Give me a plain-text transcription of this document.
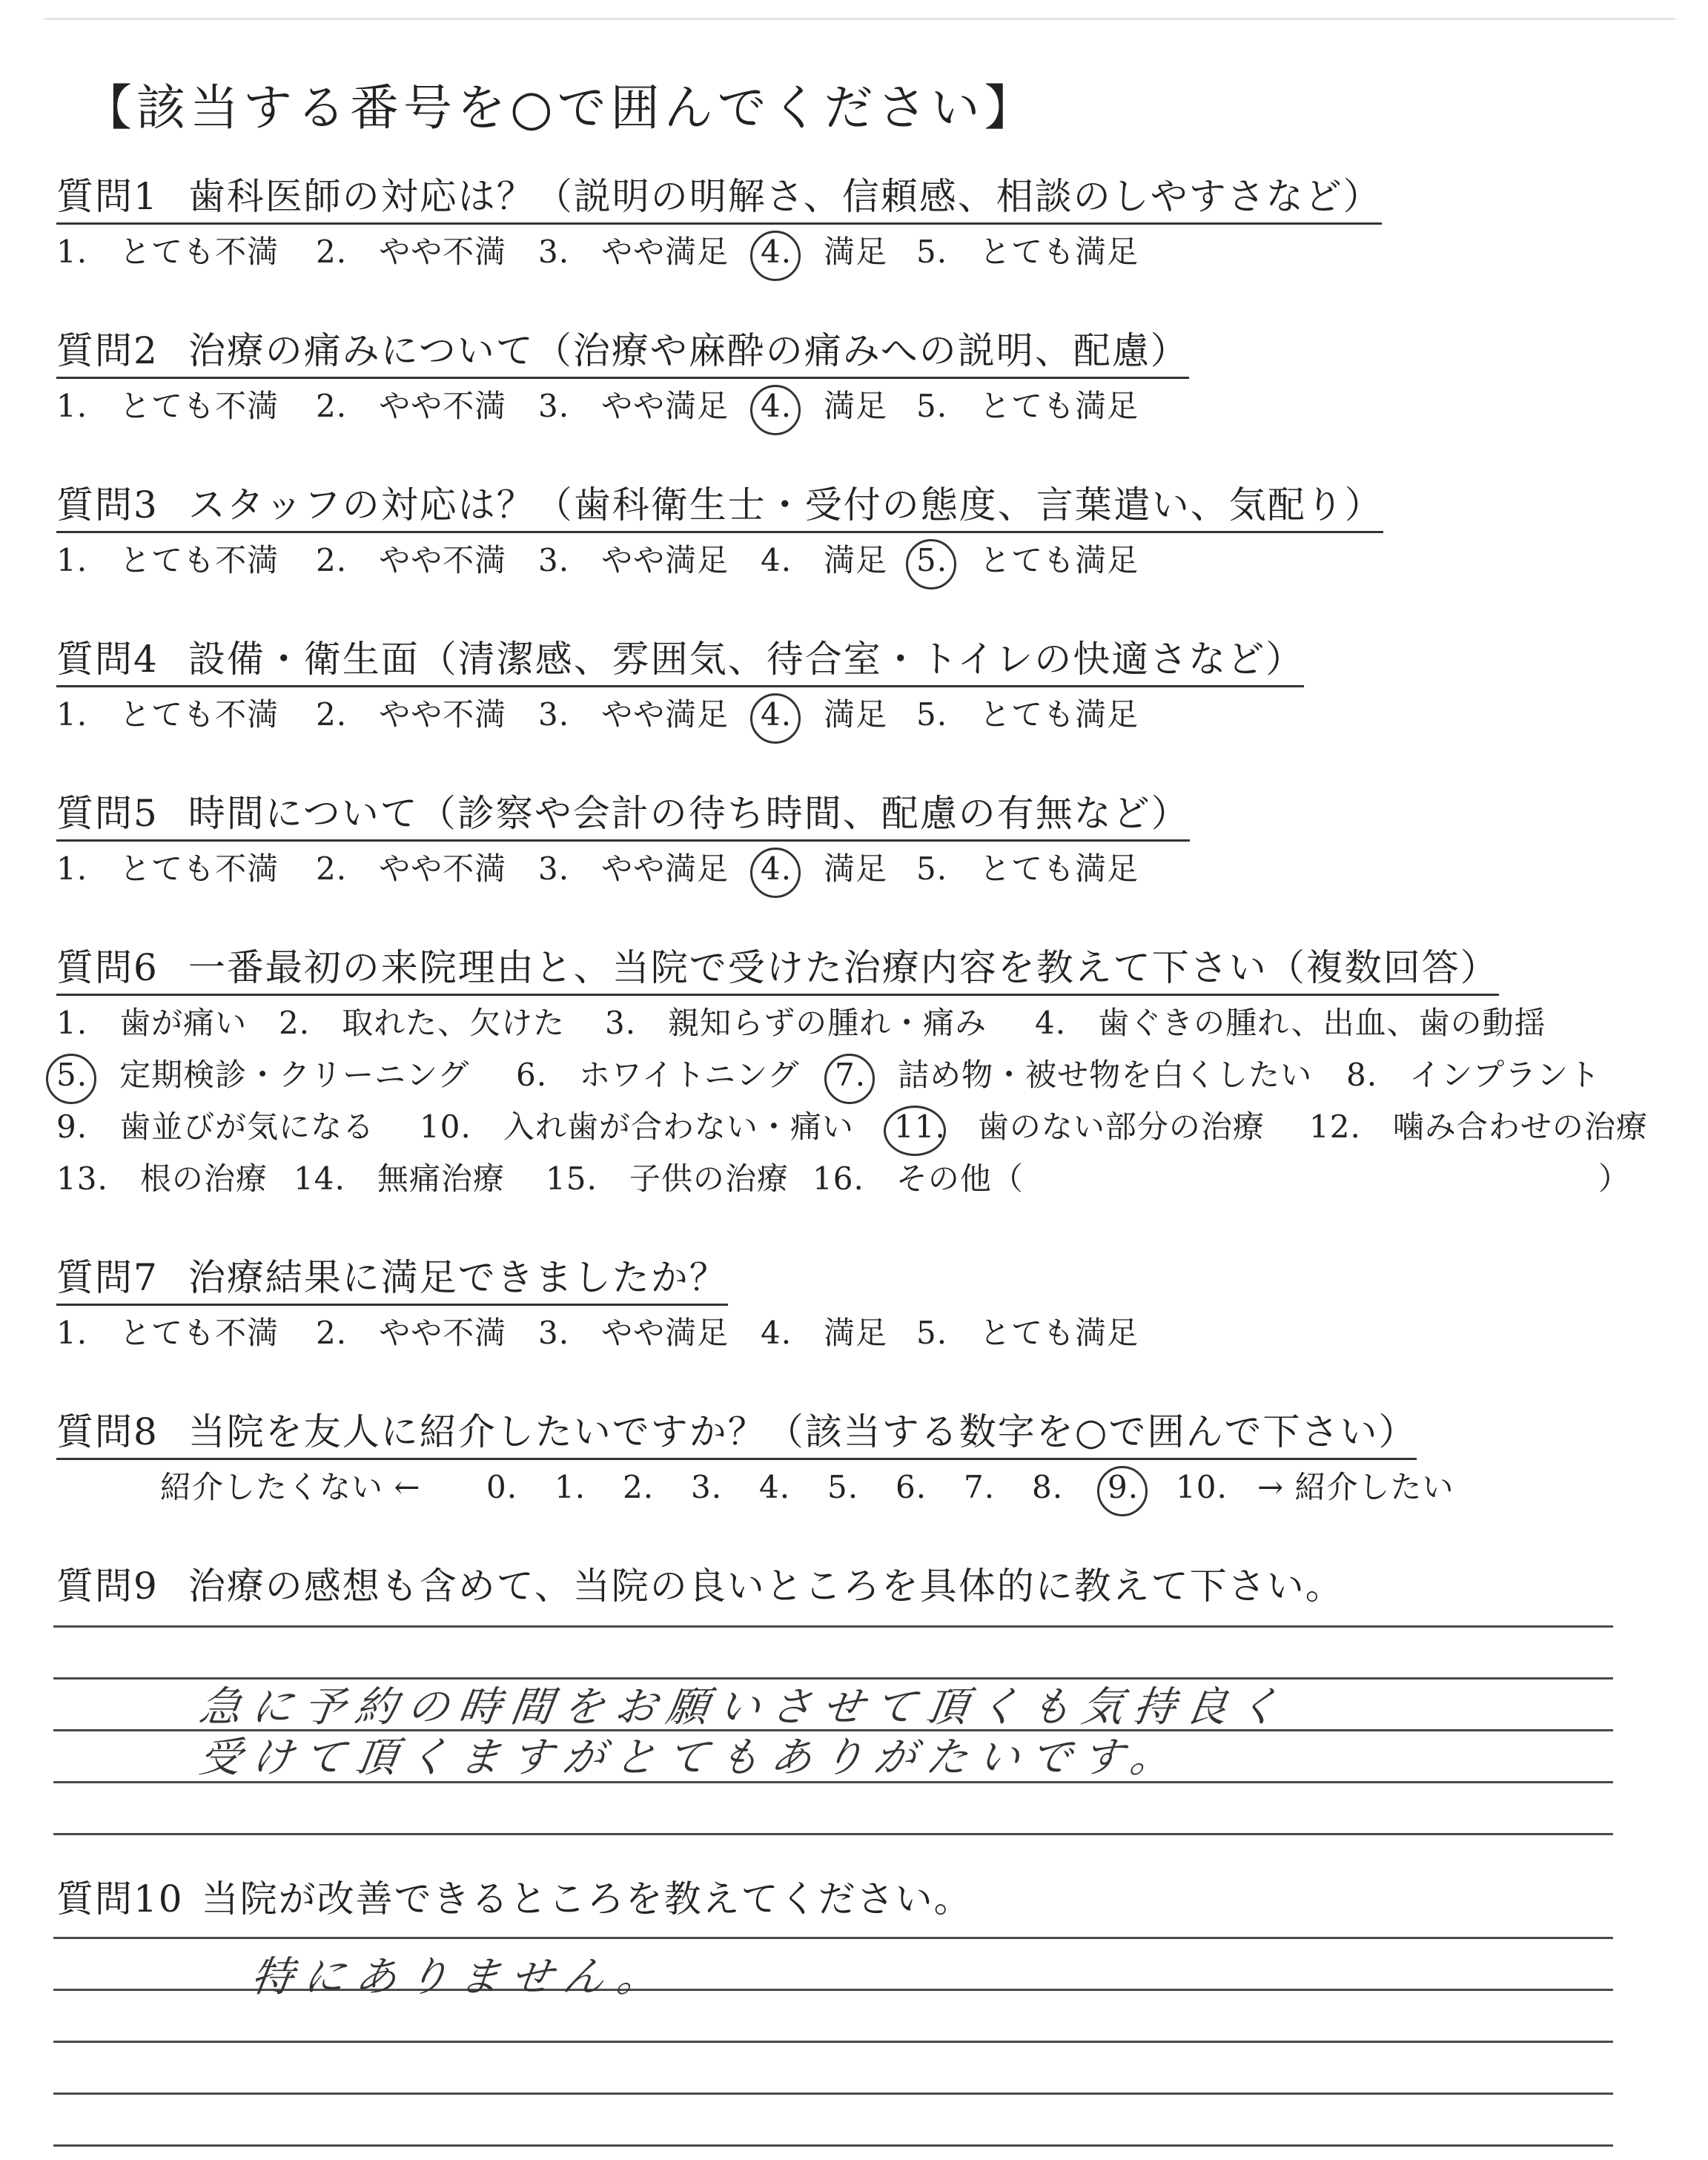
【該当する番号を○で囲んでください】
質問1 歯科医師の対応は？（説明の明解さ、信頼感、相談のしやすさなど）
1.　 とても不満 2.　 やや不満 3.　 やや満足 4.　 満足 5.　 とても満足
質問2 治療の痛みについて（治療や麻酔の痛みへの説明、配慮）
1.　 とても不満 2.　 やや不満 3.　 やや満足 4.　 満足 5.　 とても満足
質問3 スタッフの対応は？（歯科衛生士・受付の態度、言葉遣い、気配り）
1.　 とても不満 2.　 やや不満 3.　 やや満足 4.　 満足 5.　 とても満足
質問4 設備・衛生面（清潔感、雰囲気、待合室・トイレの快適さなど）
1.　 とても不満 2.　 やや不満 3.　 やや満足 4.　 満足 5.　 とても満足
質問5 時間について（診察や会計の待ち時間、配慮の有無など）
1.　 とても不満 2.　 やや不満 3.　 やや満足 4.　 満足 5.　 とても満足
質問6 一番最初の来院理由と、当院で受けた治療内容を教えて下さい（複数回答）
1.　 歯が痛い 2.　 取れた、欠けた 3.　 親知らずの腫れ・痛み 4.　 歯ぐきの腫れ、出血、歯の動揺
5.　 定期検診・クリーニング 6.　 ホワイトニング 7.　 詰め物・被せ物を白くしたい 8.　 インプラント
9.　 歯並びが気になる 10.　 入れ歯が合わない・痛い 11.　 歯のない部分の治療 12.　 噛み合わせの治療
13.　 根の治療 14.　 無痛治療 15.　 子供の治療 16.　 その他（	）
質問7 治療結果に満足できましたか？
1.　 とても不満 2.　 やや不満 3.　 やや満足 4.　 満足 5.　 とても満足
質問8 当院を友人に紹介したいですか？（該当する数字を○で囲んで下さい）
紹介したくない ← 0. 1. 2. 3. 4. 5. 6. 7. 8. 9. 10. → 紹介したい
質問9 治療の感想も含めて、当院の良いところを具体的に教えて下さい。
急に予約の時間をお願いさせて頂くも気持良く
受けて頂くますがとてもありがたいです。
質問10 当院が改善できるところを教えてください。
特にありません。
